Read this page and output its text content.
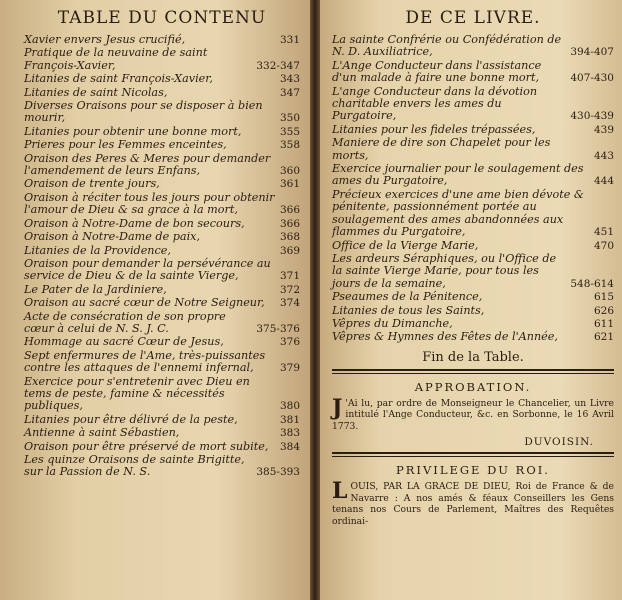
TABLE DU CONTENU
Xavier envers Jesus crucifié,	331
Pratique de la neuvaine de saint François-Xavier,	332-347
Litanies de saint François-Xavier,	343
Litanies de saint Nicolas,	347
Diverses Oraisons pour se disposer à bien mourir,	350
Litanies pour obtenir une bonne mort,	355
Prieres pour les Femmes enceintes,	358
Oraison des Peres & Meres pour demander l'amendement de leurs Enfans,	360
Oraison de trente jours,	361
Oraison à réciter tous les jours pour obtenir l'amour de Dieu & sa grace à la mort,	366
Oraison à Notre-Dame de bon secours,	366
Oraison à Notre-Dame de paix,	368
Litanies de la Providence,	369
Oraison pour demander la persévérance au service de Dieu & de la sainte Vierge,	371
Le Pater de la Jardiniere,	372
Oraison au sacré cœur de Notre Seigneur,	374
Acte de consécration de son propre cœur à celui de N. S. J. C.	375-376
Hommage au sacré Cœur de Jesus,	376
Sept enfermures de l'Ame, très-puissantes contre les attaques de l'ennemi infernal,	379
Exercice pour s'entretenir avec Dieu en tems de peste, famine & nécessités publiques,	380
Litanies pour être délivré de la peste,	381
Antienne à saint Sébastien,	383
Oraison pour être préservé de mort subite,	384
Les quinze Oraisons de sainte Brigitte, sur la Passion de N. S.	385-393
DE CE LIVRE.
La sainte Confrérie ou Confédération de N. D. Auxiliatrice,	394-407
L'Ange Conducteur dans l'assistance d'un malade à faire une bonne mort,	407-430
L'ange Conducteur dans la dévotion charitable envers les ames du Purgatoire,	430-439
Litanies pour les fideles trépassées,	439
Maniere de dire son Chapelet pour les morts,	443
Exercice journalier pour le soulagement des ames du Purgatoire,	444
Précieux exercices d'une ame bien dévote & pénitente, passionnément portée au soulagement des ames abandonnées aux flammes du Purgatoire,	451
Office de la Vierge Marie,	470
Les ardeurs Séraphiques, ou l'Office de la sainte Vierge Marie, pour tous les jours de la semaine,	548-614
Pseaumes de la Pénitence,	615
Litanies de tous les Saints,	626
Vêpres du Dimanche,	611
Vêpres & Hymnes des Fêtes de l'Année,	621
Fin de la Table.
APPROBATION.
J 'Ai lu, par ordre de Monseigneur le Chancelier, un Livre intitulé l'Ange Conducteur, &c. en Sorbonne, le 16 Avril 1773.
DUVOISIN.
PRIVILEGE DU ROI.
LOUIS, PAR LA GRACE DE DIEU, Roi de France & de Navarre : A nos amés & féaux Conseillers les Gens tenans nos Cours de Parlement, Maîtres des Requêtes ordinai-
